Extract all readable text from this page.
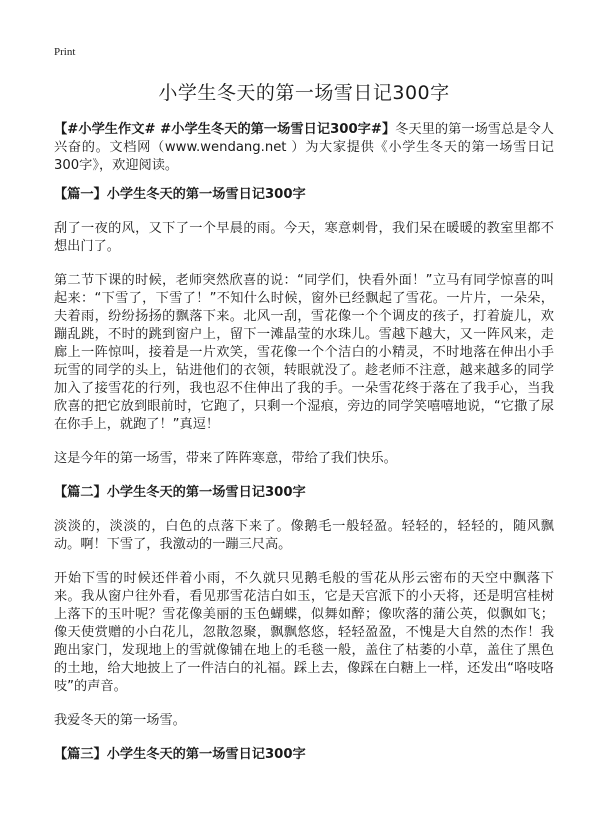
Print
小学生冬天的第一场雪日记300字

【#小学生作文# #小学生冬天的第一场雪日记300字#】冬天里的第一场雪总是令人兴奋的。文档网（www.wendang.net ）为大家提供《小学生冬天的第一场雪日记300字》，欢迎阅读。

【篇一】小学生冬天的第一场雪日记300字

刮了一夜的风，又下了一个早晨的雨。今天，寒意刺骨，我们呆在暖暖的教室里都不想出门了。

第二节下课的时候，老师突然欣喜的说：“同学们，快看外面！”立马有同学惊喜的叫起来：“下雪了，下雪了！”不知什么时候，窗外已经飘起了雪花。一片片，一朵朵，夫着雨，纷纷扬扬的飘落下来。北风一刮，雪花像一个个调皮的孩子，打着旋儿，欢蹦乱跳，不时的跳到窗户上，留下一滩晶莹的水珠儿。雪越下越大，又一阵风来，走廊上一阵惊叫，接着是一片欢笑，雪花像一个个洁白的小精灵，不时地落在伸出小手玩雪的同学的头上，钻进他们的衣领，转眼就没了。趁老师不注意，越来越多的同学加入了接雪花的行列，我也忍不住伸出了我的手。一朵雪花终于落在了我手心，当我欣喜的把它放到眼前时，它跑了，只剩一个湿痕，旁边的同学笑嘻嘻地说，“它撒了尿在你手上，就跑了！”真逗！

这是今年的第一场雪，带来了阵阵寒意，带给了我们快乐。

【篇二】小学生冬天的第一场雪日记300字

淡淡的，淡淡的，白色的点落下来了。像鹅毛一般轻盈。轻轻的，轻轻的，随风飘动。啊！下雪了，我激动的一蹦三尺高。

开始下雪的时候还伴着小雨，不久就只见鹅毛般的雪花从彤云密布的天空中飘落下来。我从窗户往外看，看见那雪花洁白如玉，它是天宫派下的小天将，还是明宫桂树上落下的玉叶呢？雪花像美丽的玉色蝴蝶，似舞如醉；像吹落的蒲公英，似飘如飞；像天使赏赠的小白花儿，忽散忽聚，飘飘悠悠，轻轻盈盈，不愧是大自然的杰作！我跑出家门，发现地上的雪就像铺在地上的毛毯一般，盖住了枯萎的小草，盖住了黑色的土地，给大地披上了一件洁白的礼福。踩上去，像踩在白糖上一样，还发出“咯吱咯吱”的声音。

我爱冬天的第一场雪。

【篇三】小学生冬天的第一场雪日记300字
